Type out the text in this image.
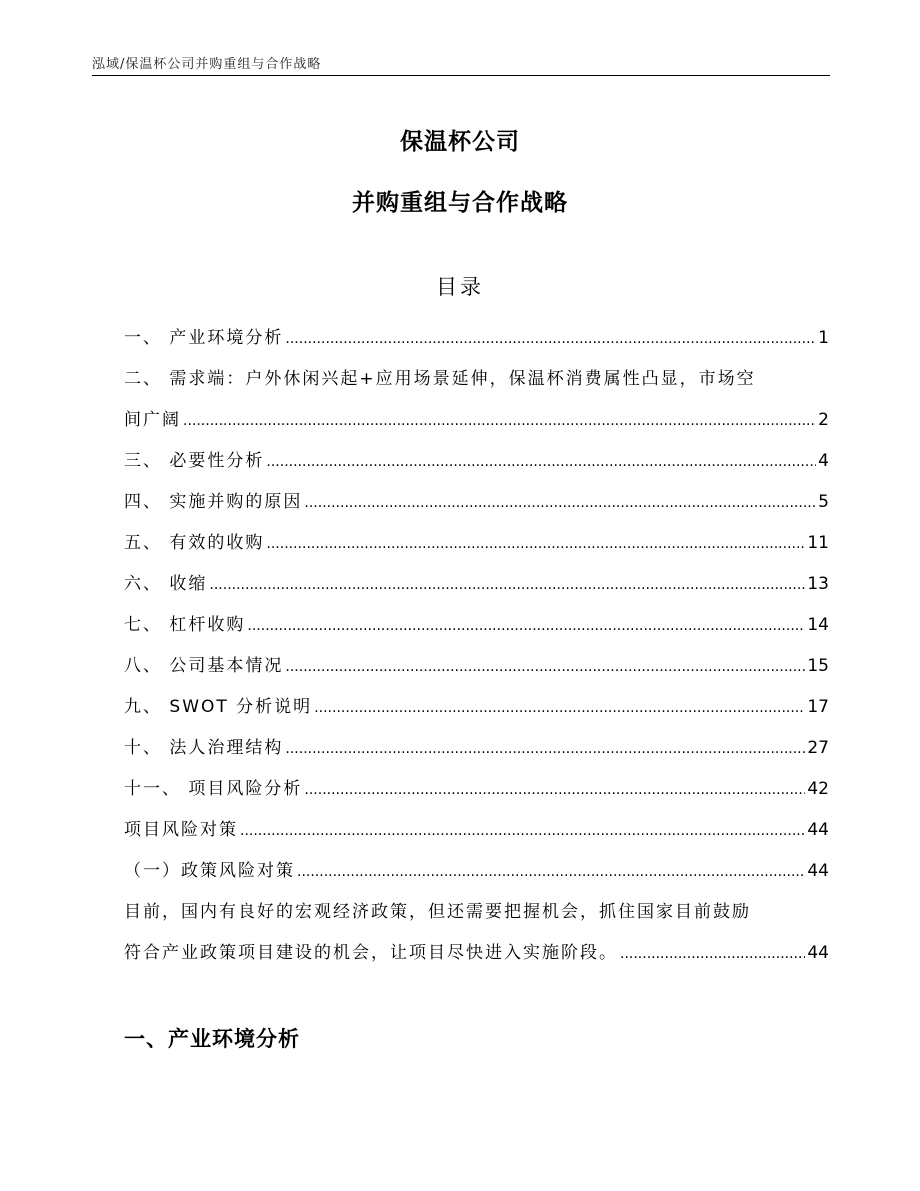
泓域/保温杯公司并购重组与合作战略
保温杯公司
并购重组与合作战略
目录
一、 产业环境分析 .....	1
二、 需求端：户外休闲兴起+应用场景延伸，保温杯消费属性凸显，市场空
间广阔 .....	2
三、 必要性分析 .....	4
四、 实施并购的原因 .....	5
五、 有效的收购 .....	11
六、 收缩 .....	13
七、 杠杆收购 .....	14
八、 公司基本情况 .....	15
九、 SWOT 分析说明 .....	17
十、 法人治理结构 .....	27
十一、 项目风险分析 .....	42
项目风险对策 .....	44
（一）政策风险对策 .....	44
目前，国内有良好的宏观经济政策，但还需要把握机会，抓住国家目前鼓励
符合产业政策项目建设的机会，让项目尽快进入实施阶段。 .....	44
一、产业环境分析
